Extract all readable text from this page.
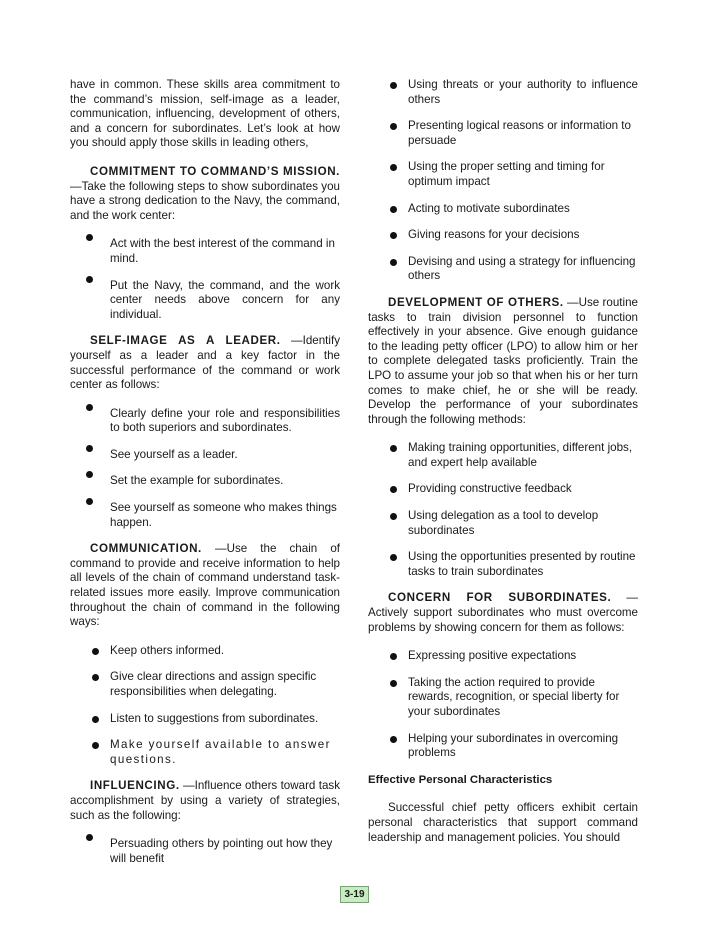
have in common. These skills area commitment to the command’s mission, self-image as a leader, communication, influencing, development of others, and a concern for subordinates. Let’s look at how you should apply those skills in leading others,

COMMITMENT TO COMMAND’S MISSION. —Take the following steps to show subordinates you have a strong dedication to the Navy, the command, and the work center:

Act with the best interest of the command in mind.
Put the Navy, the command, and the work center needs above concern for any individual.

SELF-IMAGE AS A LEADER. —Identify yourself as a leader and a key factor in the successful performance of the command or work center as follows:

Clearly define your role and responsibilities to both superiors and subordinates.
See yourself as a leader.
Set the example for subordinates.
See yourself as someone who makes things happen.

COMMUNICATION. —Use the chain of command to provide and receive information to help all levels of the chain of command understand task-related issues more easily. Improve communication throughout the chain of command in the following ways:

Keep others informed.
Give clear directions and assign specific responsibilities when delegating.
Listen to suggestions from subordinates.
Make yourself available to answer questions.

INFLUENCING. —Influence others toward task accomplishment by using a variety of strategies, such as the following:

Persuading others by pointing out how they will benefit
Using threats or your authority to influence others
Presenting logical reasons or information to persuade
Using the proper setting and timing for optimum impact
Acting to motivate subordinates
Giving reasons for your decisions
Devising and using a strategy for influencing others

DEVELOPMENT OF OTHERS. —Use routine tasks to train division personnel to function effectively in your absence. Give enough guidance to the leading petty officer (LPO) to allow him or her to complete delegated tasks proficiently. Train the LPO to assume your job so that when his or her turn comes to make chief, he or she will be ready. Develop the performance of your subordinates through the following methods:

Making training opportunities, different jobs, and expert help available
Providing constructive feedback
Using delegation as a tool to develop subordinates
Using the opportunities presented by routine tasks to train subordinates

CONCERN FOR SUBORDINATES. —Actively support subordinates who must overcome problems by showing concern for them as follows:

Expressing positive expectations
Taking the action required to provide rewards, recognition, or special liberty for your subordinates
Helping your subordinates in overcoming problems
Effective Personal Characteristics

Successful chief petty officers exhibit certain personal characteristics that support command leadership and management policies. You should

3-19
